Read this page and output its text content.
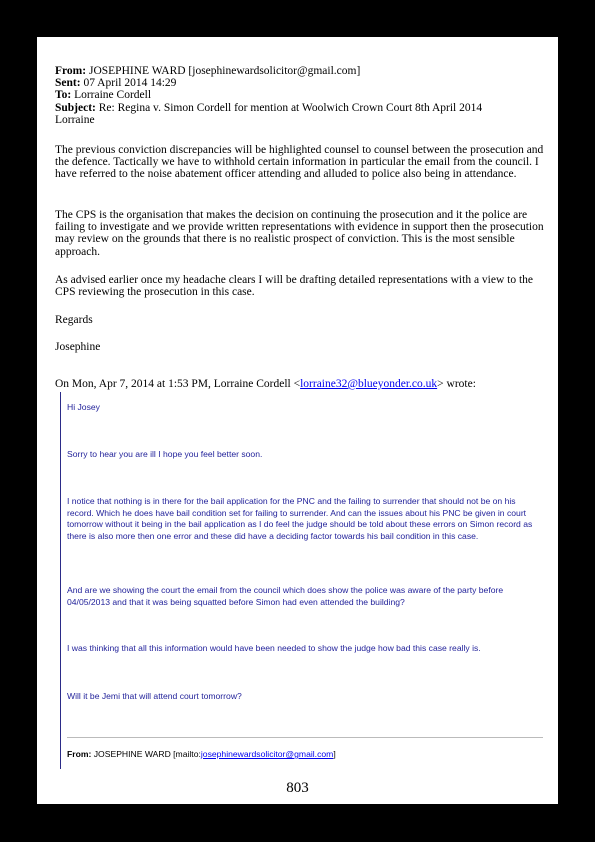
From: JOSEPHINE WARD [josephinewardsolicitor@gmail.com]
Sent: 07 April 2014 14:29
To: Lorraine Cordell
Subject: Re: Regina v. Simon Cordell for mention at Woolwich Crown Court 8th April 2014
Lorraine

The previous conviction discrepancies will be highlighted counsel to counsel between the prosecution and the defence. Tactically we have to withhold certain information in particular the email from the council. I have referred to the noise abatement officer attending and alluded to police also being in attendance.

The CPS is the organisation that makes the decision on continuing the prosecution and it the police are failing to investigate and we provide written representations with evidence in support then the prosecution may review on the grounds that there is no realistic prospect of conviction. This is the most sensible approach.

As advised earlier once my headache clears I will be drafting detailed representations with a view to the CPS reviewing the prosecution in this case.

Regards

Josephine

On Mon, Apr 7, 2014 at 1:53 PM, Lorraine Cordell <lorraine32@blueyonder.co.uk> wrote:

Hi Josey

Sorry to hear you are ill I hope you feel better soon.

I notice that nothing is in there for the bail application for the PNC and the failing to surrender that should not be on his record. Which he does have bail condition set for failing to surrender. And can the issues about his PNC be given in court tomorrow without it being in the bail application as I do feel the judge should be told about these errors on Simon record as there is also more then one error and these did have a deciding factor towards his bail condition in this case.

And are we showing the court the email from the council which does show the police was aware of the party before 04/05/2013 and that it was being squatted before Simon had even attended the building?

I was thinking that all this information would have been needed to show the judge how bad this case really is.

Will it be Jemi that will attend court tomorrow?

From: JOSEPHINE WARD [mailto:josephinewardsolicitor@gmail.com]
803
